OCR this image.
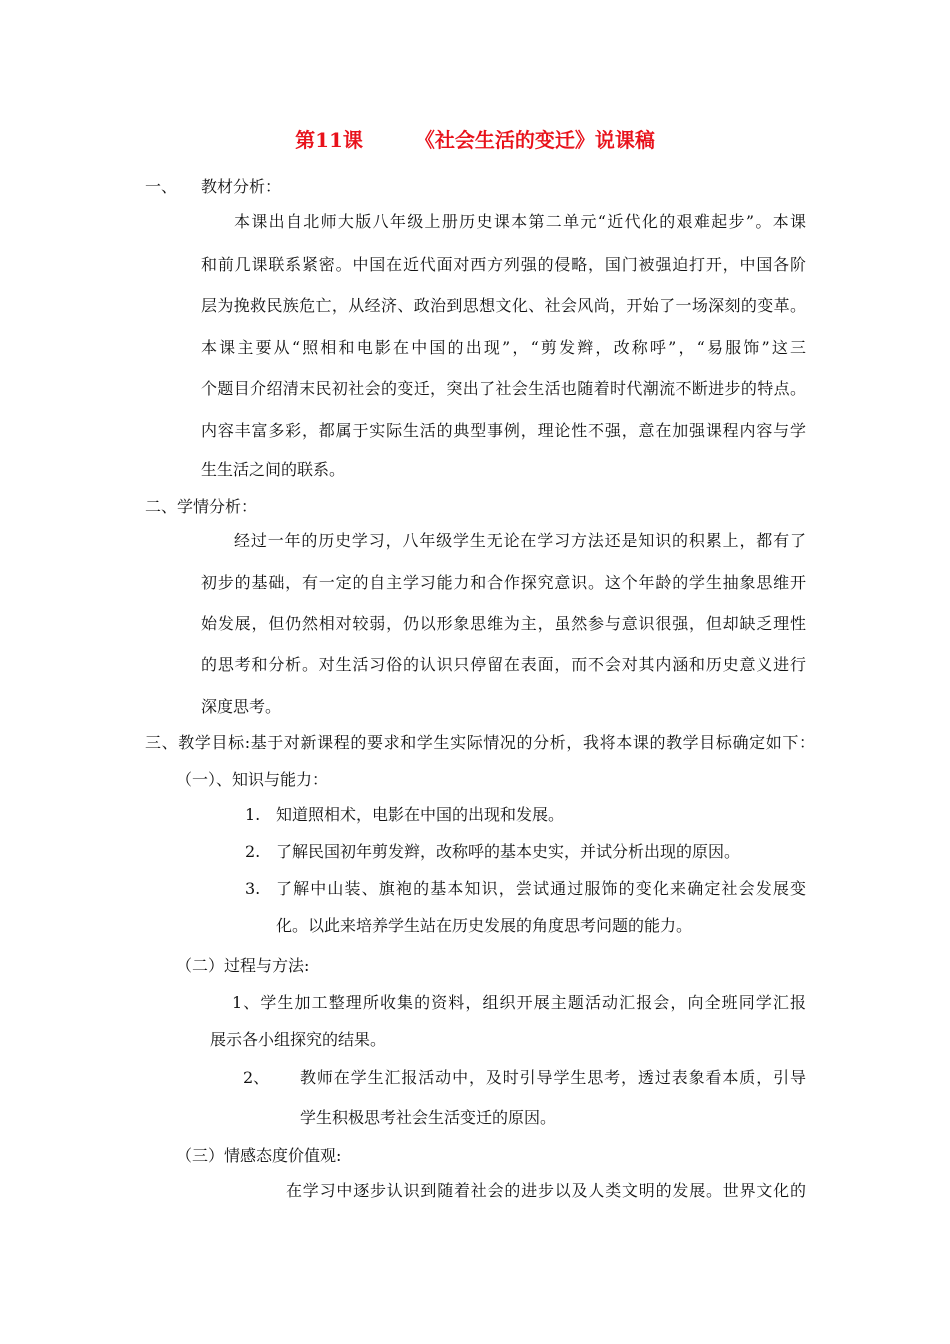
第11课	《社会生活的变迁》说课稿
一、 教材分析：
本课出自北师大版八年级上册历史课本第二单元“近代化的艰难起步”。本课
和前几课联系紧密。中国在近代面对西方列强的侵略，国门被强迫打开，中国各阶
层为挽救民族危亡，从经济、政治到思想文化、社会风尚，开始了一场深刻的变革。
本课主要从“照相和电影在中国的出现”，“剪发辫，改称呼”，“易服饰”这三
个题目介绍清末民初社会的变迁，突出了社会生活也随着时代潮流不断进步的特点。
内容丰富多彩，都属于实际生活的典型事例，理论性不强，意在加强课程内容与学
生生活之间的联系。
二、学情分析：
经过一年的历史学习，八年级学生无论在学习方法还是知识的积累上，都有了
初步的基础，有一定的自主学习能力和合作探究意识。这个年龄的学生抽象思维开
始发展，但仍然相对较弱，仍以形象思维为主，虽然参与意识很强，但却缺乏理性
的思考和分析。对生活习俗的认识只停留在表面，而不会对其内涵和历史意义进行
深度思考。
三、教学目标:基于对新课程的要求和学生实际情况的分析，我将本课的教学目标确定如下：
（一）、知识与能力：
1. 知道照相术，电影在中国的出现和发展。
2. 了解民国初年剪发辫，改称呼的基本史实，并试分析出现的原因。
3. 了解中山装、旗袍的基本知识，尝试通过服饰的变化来确定社会发展变
化。以此来培养学生站在历史发展的角度思考问题的能力。
（二）过程与方法:
1、学生加工整理所收集的资料，组织开展主题活动汇报会，向全班同学汇报
展示各小组探究的结果。
2、 教师在学生汇报活动中，及时引导学生思考，透过表象看本质，引导
学生积极思考社会生活变迁的原因。
（三）情感态度价值观:
在学习中逐步认识到随着社会的进步以及人类文明的发展。世界文化的
